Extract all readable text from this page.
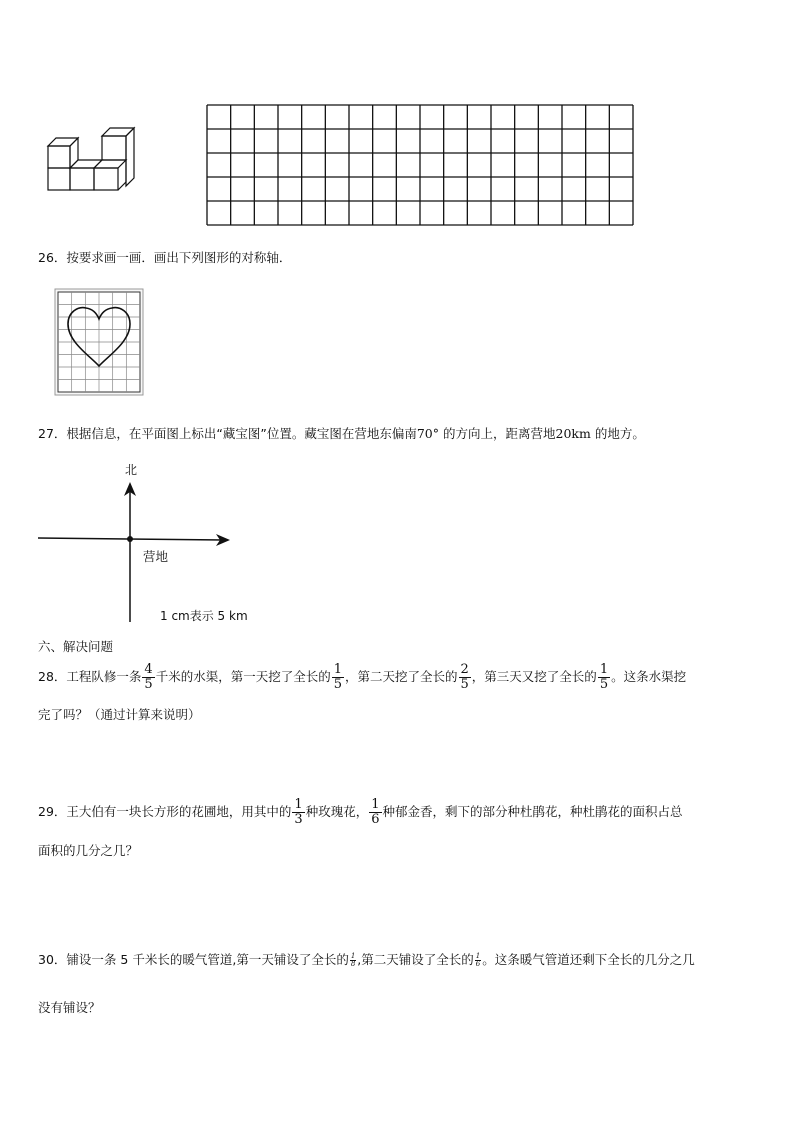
26．按要求画一画．画出下列图形的对称轴．
27．根据信息，在平面图上标出“藏宝图”位置。藏宝图在营地东偏南70° 的方向上，距离营地20km 的地方。
北
营地
1 cm表示 5 km
六、解决问题
28．工程队修一条 $\frac{4}{5}$ 千米的水渠，第一天挖了全长的 $\frac{1}{5}$ ，第二天挖了全长的 $\frac{2}{5}$ ，第三天又挖了全长的 $\frac{1}{5}$ 。这条水渠挖
完了吗？（通过计算来说明）
29．王大伯有一块长方形的花圃地，用其中的 $\frac{1}{3}$ 种玫瑰花， $\frac{1}{6}$ 种郁金香，剩下的部分种杜鹃花，种杜鹃花的面积占总
面积的几分之几？
30．铺设一条 5 千米长的暖气管道,第一天铺设了全长的 $\frac{1}{8}$ ,第二天铺设了全长的 $\frac{1}{6}$ 。这条暖气管道还剩下全长的几分之几
没有铺设？
